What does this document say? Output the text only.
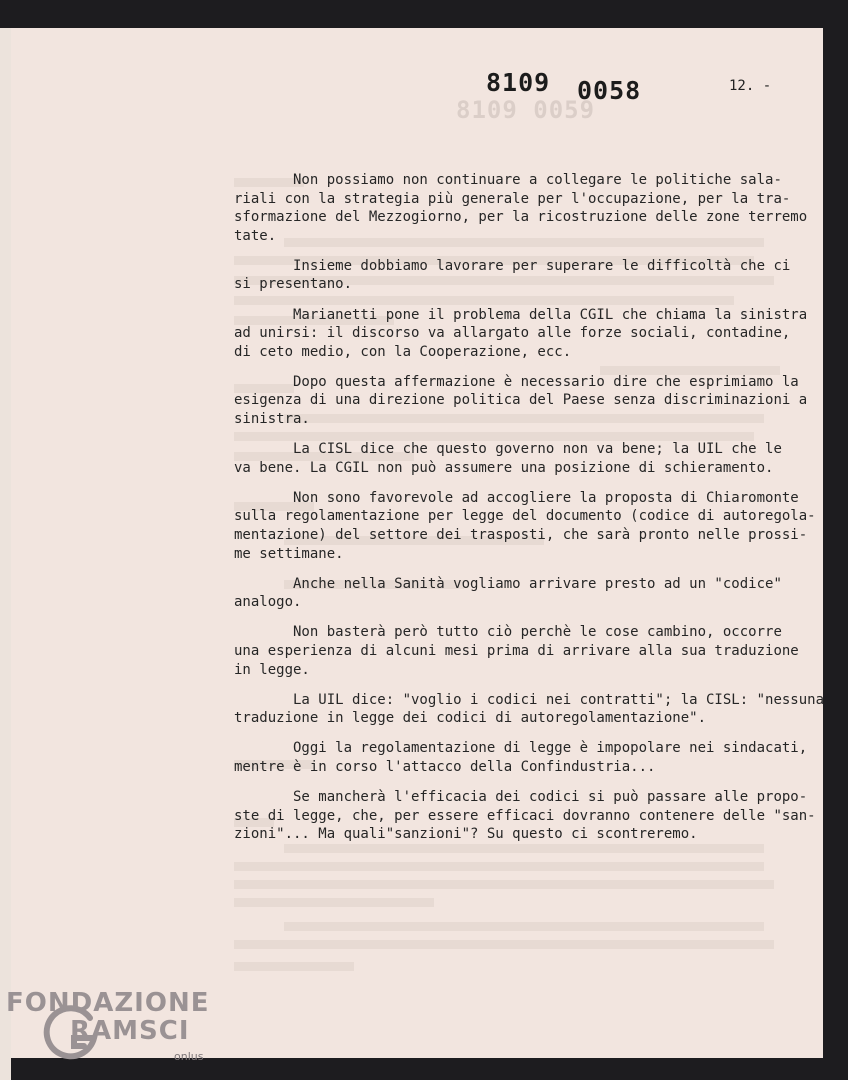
8109 0059
8109 0058	12. -

Non possiamo non continuare a collegare le politiche sala-
riali con la strategia più generale per l'occupazione, per la tra-
sformazione del Mezzogiorno, per la ricostruzione delle zone terremo
tate.

Insieme dobbiamo lavorare per superare le difficoltà che ci
si presentano.

Marianetti pone il problema della CGIL che chiama la sinistra
ad unirsi: il discorso va allargato alle forze sociali, contadine,
di ceto medio, con la Cooperazione, ecc.

Dopo questa affermazione è necessario dire che esprimiamo la
esigenza di una direzione politica del Paese senza discriminazioni
sinistra.

La CISL dice che questo governo non va bene; la UIL che le
va bene. La CGIL non può assumere una posizione di schieramento.

Non sono favorevole ad accogliere la proposta di Chiaromonte
sulla regolamentazione per legge del documento (codice di autoregola-
mentazione) del settore dei trasposti, che sarà pronto nelle prossi-
me settimane.

Anche nella Sanità vogliamo arrivare presto ad un "codice"
analogo.

Non basterà però tutto ciò perchè le cose cambino, occorre
una esperienza di alcuni mesi prima di arrivare alla sua traduzione
in legge.

La UIL dice: "voglio i codici nei contratti"; la CISL: "nessuna
traduzione in legge dei codici di autoregolamentazione".

Oggi la regolamentazione di legge è impopolare nei sindacati,
mentre è in corso l'attacco della Confindustria...

Se mancherà l'efficacia dei codici si può passare alle propo-
ste di legge, che, per essere efficaci dovranno contenere delle
zioni"... Ma quali"sanzioni"? Su questo ci scontreremo.

FONDAZIONE
RAMSCI
onlus
